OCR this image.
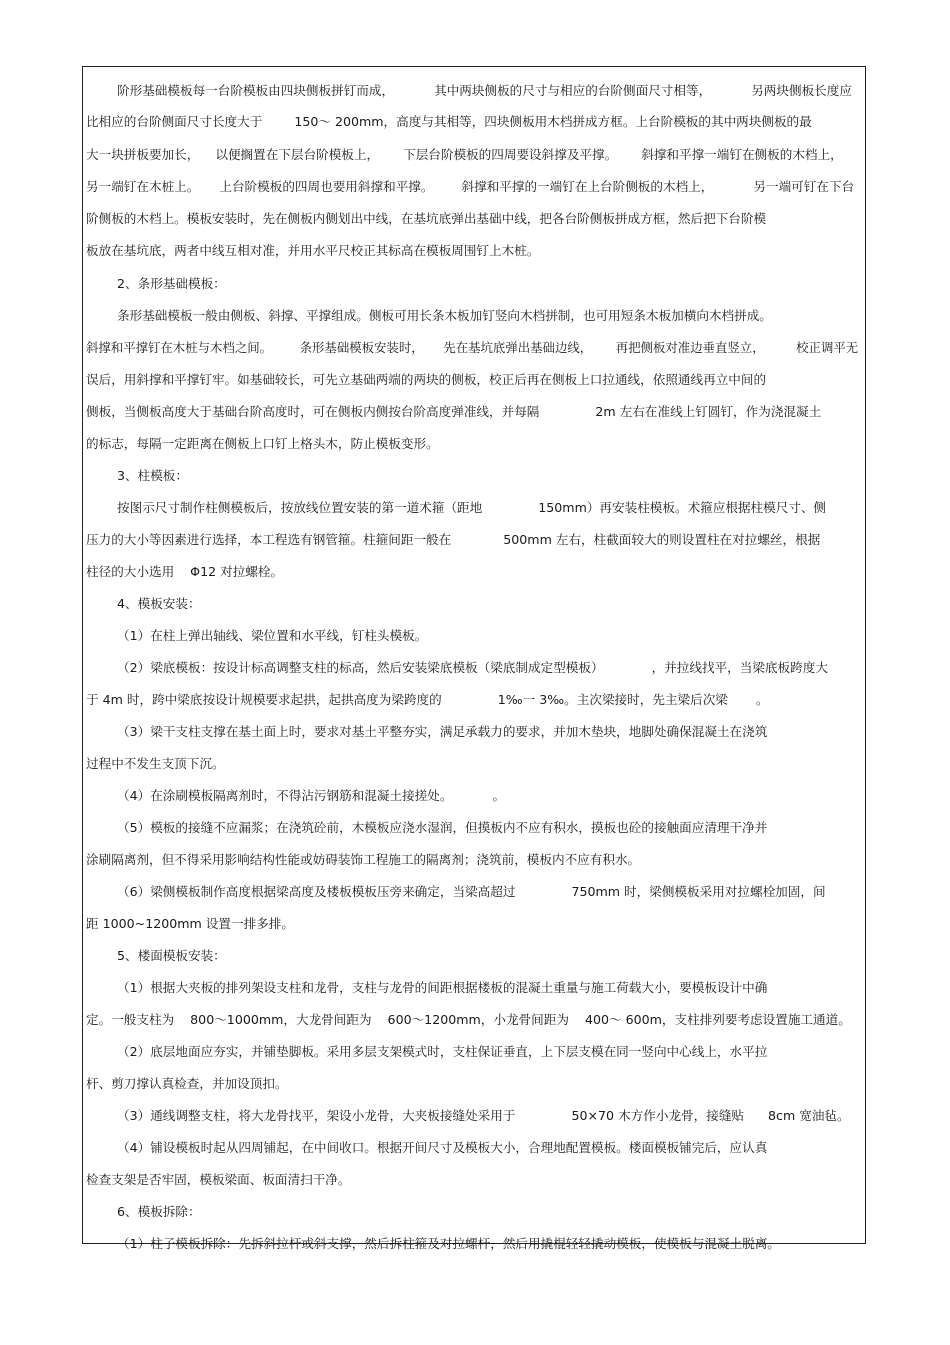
阶形基础模板每一台阶模板由四块侧板拼钉而成，          其中两块侧板的尺寸与相应的台阶侧面尺寸相等，          另两块侧板长度应
比相应的台阶侧面尺寸长度大于        150～ 200mm，高度与其相等，四块侧板用木档拼成方框。上台阶模板的其中两块侧板的最
大一块拼板要加长，    以便搁置在下层台阶模板上，      下层台阶模板的四周要设斜撑及平撑。      斜撑和平撑一端钉在侧板的木档上，
另一端钉在木桩上。     上台阶模板的四周也要用斜撑和平撑。       斜撑和平撑的一端钉在上台阶侧板的木档上，          另一端可钉在下台
阶侧板的木档上。模板安装时，先在侧板内侧划出中线，在基坑底弹出基础中线，把各台阶侧板拼成方框，然后把下台阶模
板放在基坑底，两者中线互相对准，并用水平尺校正其标高在模板周围钉上木桩。
2、条形基础模板：
条形基础模板一般由侧板、斜撑、平撑组成。侧板可用长条木板加钉竖向木档拼制，也可用短条木板加横向木档拼成。
斜撑和平撑钉在木桩与木档之间。       条形基础模板安装时，     先在基坑底弹出基础边线，      再把侧板对准边垂直竖立，        校正调平无
误后，用斜撑和平撑钉牢。如基础较长，可先立基础两端的两块的侧板，校正后再在侧板上口拉通线，依照通线再立中间的
侧板，当侧板高度大于基础台阶高度时，可在侧板内侧按台阶高度弹准线，并每隔              2m 左右在准线上钉圆钉，作为浇混凝土
的标志，每隔一定距离在侧板上口钉上格头木，防止模板变形。
3、柱模板：
按图示尺寸制作柱侧模板后，按放线位置安装的第一道术箍（距地              150mm）再安装柱模板。术箍应根据柱模尺寸、侧
压力的大小等因素进行选择，本工程选有钢管箍。柱箍间距一般在             500mm 左右，柱截面较大的则设置柱在对拉螺丝，根据
柱径的大小选用    Φ12 对拉螺栓。
4、模板安装：
（1）在柱上弹出轴线、梁位置和水平线，钉柱头模板。
（2）梁底模板：按设计标高调整支柱的标高，然后安装梁底模板（梁底制成定型模板）            ，并拉线找平，当梁底板跨度大
于 4m 时，跨中梁底按设计规模要求起拱，起拱高度为梁跨度的              1‰一 3‰。主次梁接时，先主梁后次梁       。
（3）梁干支柱支撑在基土面上时，要求对基土平整夯实，满足承载力的要求，并加木垫块，地脚处确保混凝土在浇筑
过程中不发生支顶下沉。
（4）在涂刷模板隔离剂时，不得沾污钢筋和混凝土接搓处。          。
（5）模板的接缝不应漏浆；在浇筑砼前，木模板应浇水湿润，但摸板内不应有积水，摸板也砼的接触面应清理干净并
涂刷隔离剂，但不得采用影响结构性能或妨碍装饰工程施工的隔离剂；浇筑前，模板内不应有积水。
（6）梁侧模板制作高度根据梁高度及楼板模板压旁来确定，当梁高超过              750mm 时，梁侧模板采用对拉螺栓加固，间
距 1000~1200mm 设置一排多排。
5、楼面模板安装：
（1）根据大夹板的排列架设支柱和龙骨，支柱与龙骨的间距根据楼板的混凝土重量与施工荷载大小，要模板设计中确
定。一般支柱为    800～1000mm，大龙骨间距为    600～1200mm，小龙骨间距为    400～ 600m，支柱排列要考虑设置施工通道。
（2）底层地面应夯实，并铺垫脚板。采用多层支架模式时，支柱保证垂直，上下层支模在同一竖向中心线上，水平拉
杆、剪刀撑认真检查，并加设顶扣。
（3）通线调整支柱，将大龙骨找平，架设小龙骨，大夹板接缝处采用于              50×70 木方作小龙骨，接缝贴      8cm 宽油毡。
（4）铺设模板时起从四周铺起，在中间收口。根据开间尺寸及模板大小，合理地配置模板。楼面模板铺完后，应认真
检查支架是否牢固，模板梁面、板面清扫干净。
6、模板拆除：
（1）柱子模板拆除：先拆斜拉杆或斜支撑，然后拆柱箍及对拉螺杆，然后用撬棍轻轻撬动模板，使模板与混凝土脱离。
